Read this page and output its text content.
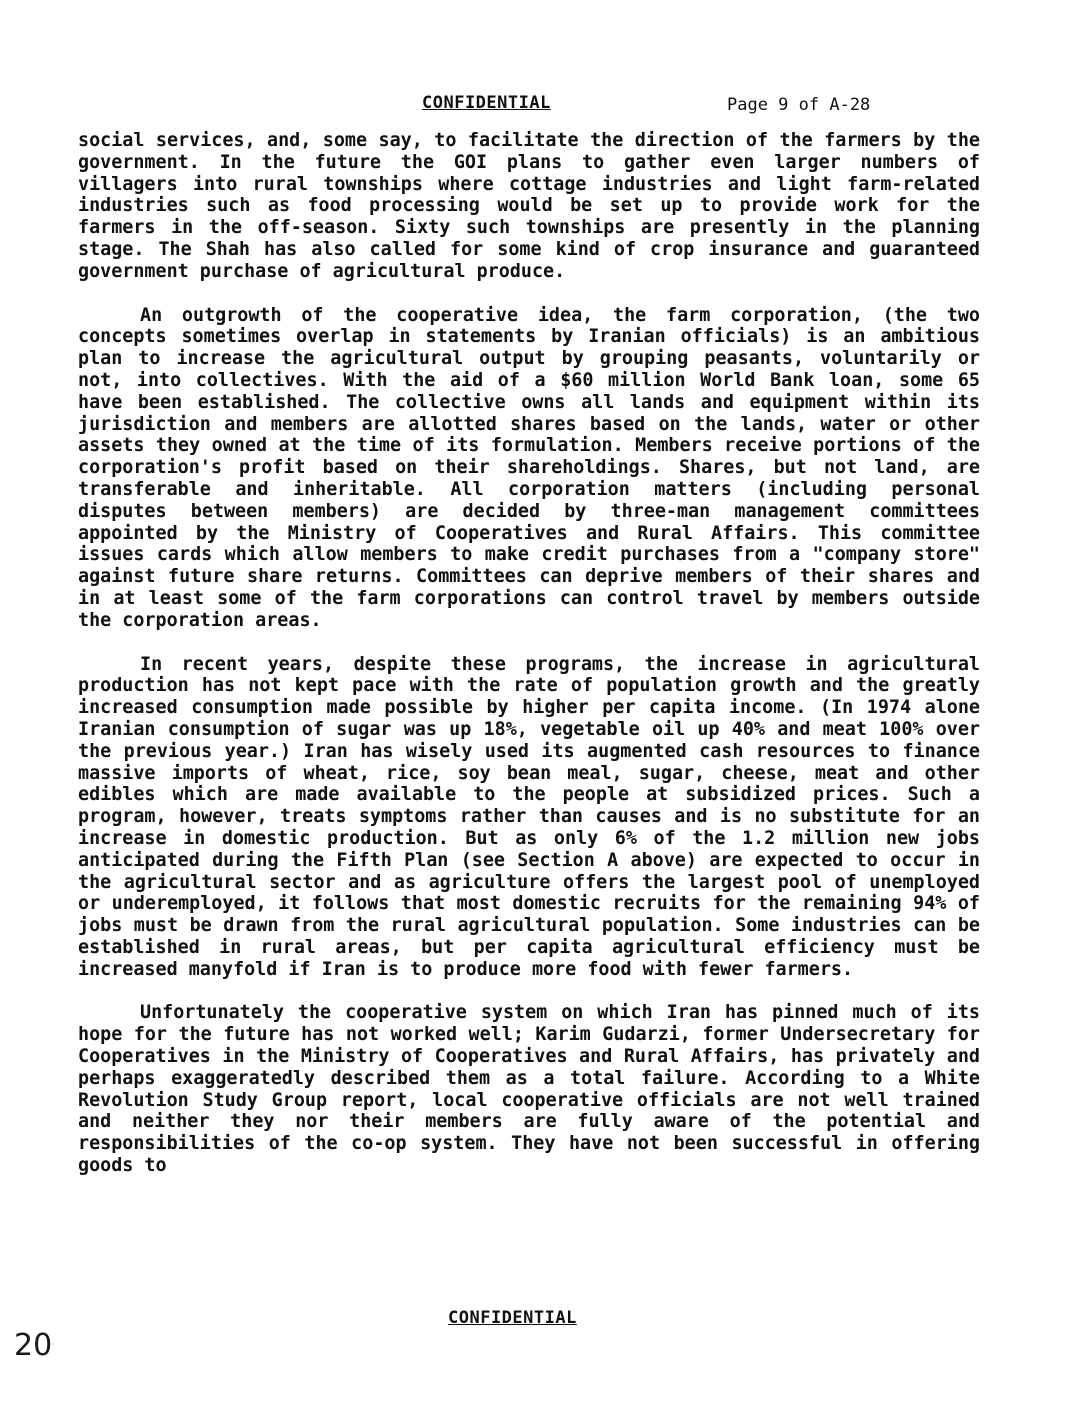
CONFIDENTIAL	Page 9 of A-28

social services, and, some say, to facilitate the direction of the farmers by the government. In the future the GOI plans to gather even larger numbers of villagers into rural townships where cottage industries and light farm-related industries such as food processing would be set up to provide work for the farmers in the off-season. Sixty such townships are presently in the planning stage. The Shah has also called for some kind of crop insurance and guaranteed government purchase of agricultural produce.

An outgrowth of the cooperative idea, the farm corporation, (the two concepts sometimes overlap in statements by Iranian officials) is an ambitious plan to increase the agricultural output by grouping peasants, voluntarily or not, into collectives. With the aid of a $60 million World Bank loan, some 65 have been established. The collective owns all lands and equipment within its jurisdiction and members are allotted shares based on the lands, water or other assets they owned at the time of its formulation. Members receive portions of the corporation's profit based on their shareholdings. Shares, but not land, are transferable and inheritable. All corporation matters (including personal disputes between members) are decided by three-man management committees appointed by the Ministry of Cooperatives and Rural Affairs. This committee issues cards which allow members to make credit purchases from a "company store" against future share returns. Committees can deprive members of their shares and in at least some of the farm corporations can control travel by members outside the corporation areas.

In recent years, despite these programs, the increase in agricultural production has not kept pace with the rate of population growth and the greatly increased consumption made possible by higher per capita income. (In 1974 alone Iranian consumption of sugar was up 18%, vegetable oil up 40% and meat 100% over the previous year.) Iran has wisely used its augmented cash resources to finance massive imports of wheat, rice, soy bean meal, sugar, cheese, meat and other edibles which are made available to the people at subsidized prices. Such a program, however, treats symptoms rather than causes and is no substitute for an increase in domestic production. But as only 6% of the 1.2 million new jobs anticipated during the Fifth Plan (see Section A above) are expected to occur in the agricultural sector and as agriculture offers the largest pool of unemployed or underemployed, it follows that most domestic recruits for the remaining 94% of jobs must be drawn from the rural agricultural population. Some industries can be established in rural areas, but per capita agricultural efficiency must be increased manyfold if Iran is to produce more food with fewer farmers.

Unfortunately the cooperative system on which Iran has pinned much of its hope for the future has not worked well; Karim Gudarzi, former Undersecretary for Cooperatives in the Ministry of Cooperatives and Rural Affairs, has privately and perhaps exaggeratedly described them as a total failure. According to a White Revolution Study Group report, local cooperative officials are not well trained and neither they nor their members are fully aware of the potential and responsibilities of the co-op system. They have not been successful in offering goods to

CONFIDENTIAL
20
